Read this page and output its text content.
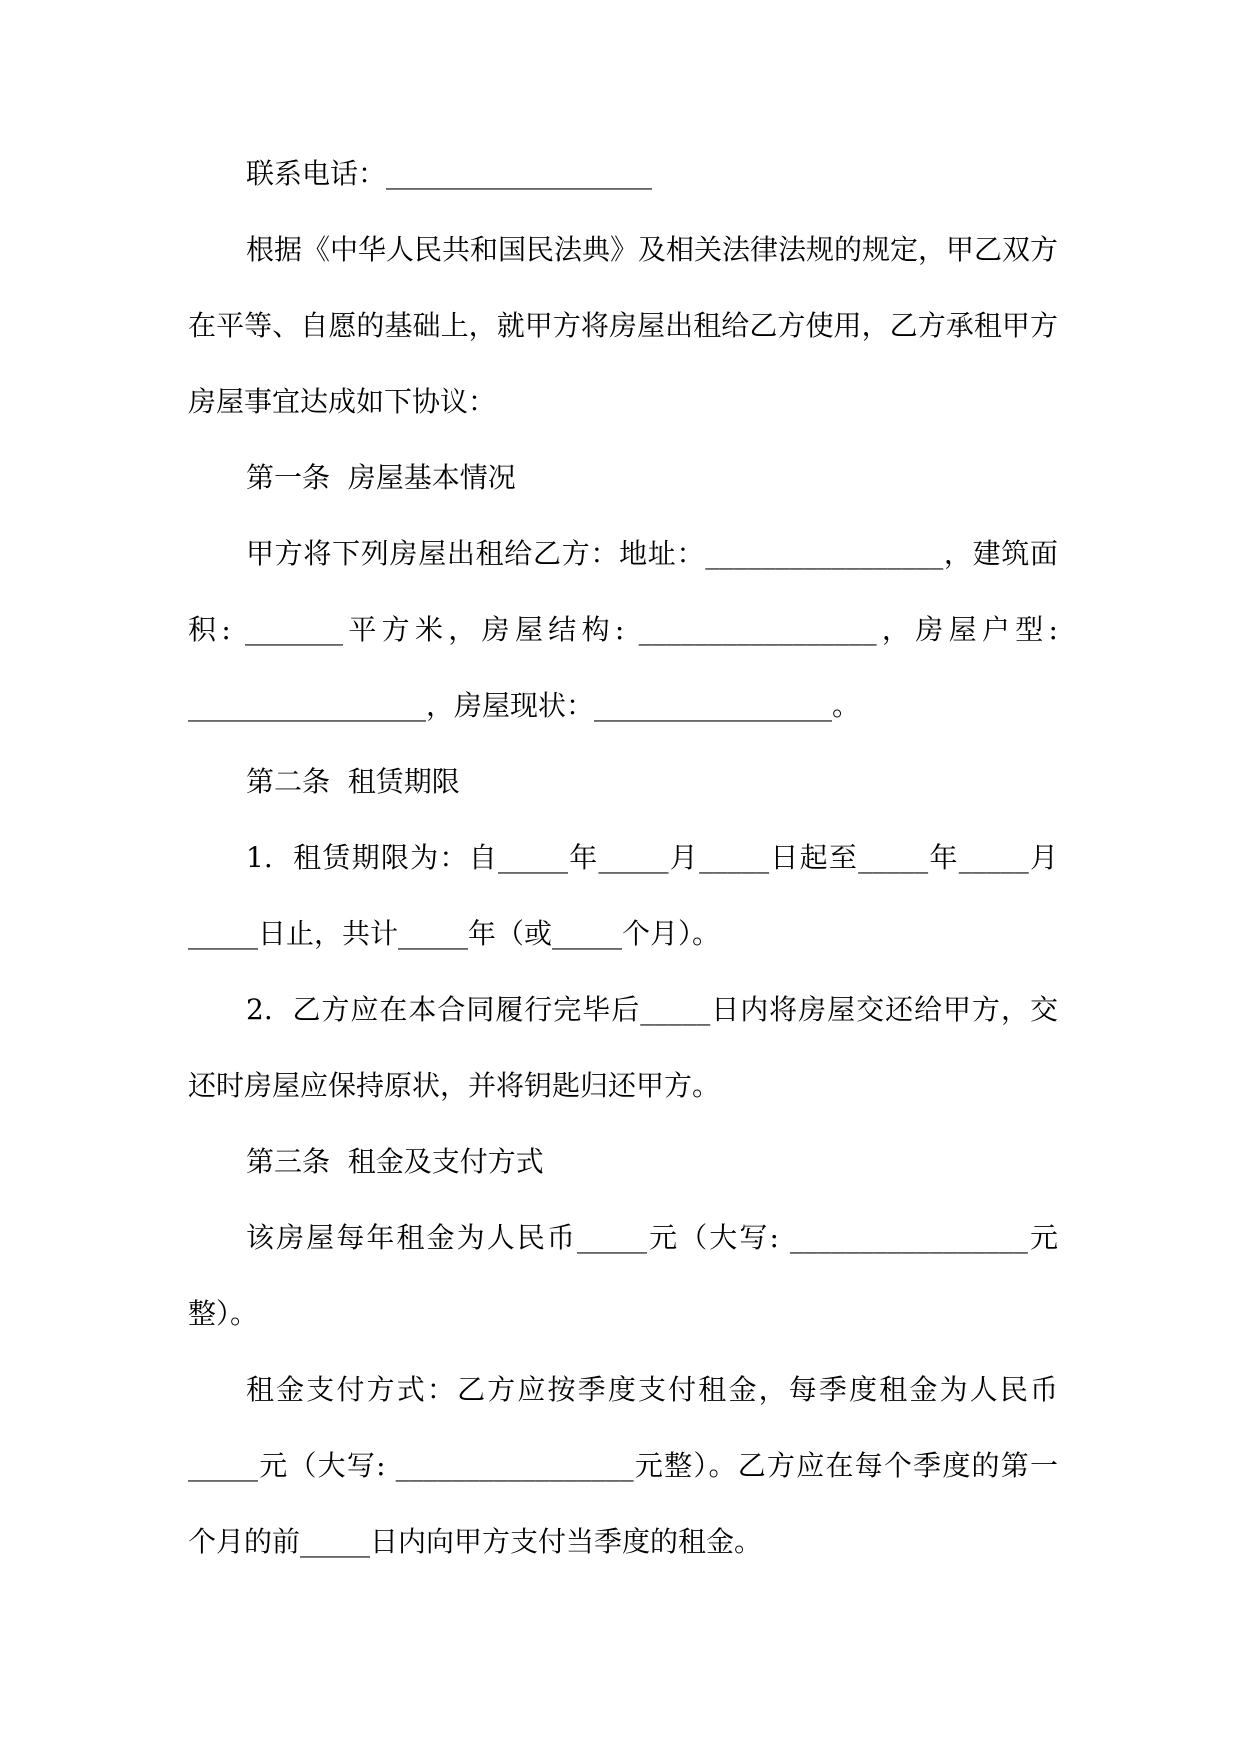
联系电话：___________________

根据《中华人民共和国民法典》及相关法律法规的规定，甲乙双方在平等、自愿的基础上，就甲方将房屋出租给乙方使用，乙方承租甲方房屋事宜达成如下协议：

第一条  房屋基本情况

甲方将下列房屋出租给乙方：地址：_________________，建筑面积: _______平方米，房屋结构: _________________，房屋户型: _________________，房屋现状：_________________。

第二条  租赁期限

1.  租赁期限为：自_____年_____月_____日起至_____年_____月_____日止，共计_____年（或_____个月）。

2.  乙方应在本合同履行完毕后_____日内将房屋交还给甲方，交还时房屋应保持原状，并将钥匙归还甲方。

第三条  租金及支付方式

该房屋每年租金为人民币_____元（大写: _________________元整）。

租金支付方式：乙方应按季度支付租金，每季度租金为人民币_____元（大写: _________________元整）。乙方应在每个季度的第一个月的前_____日内向甲方支付当季度的租金。
